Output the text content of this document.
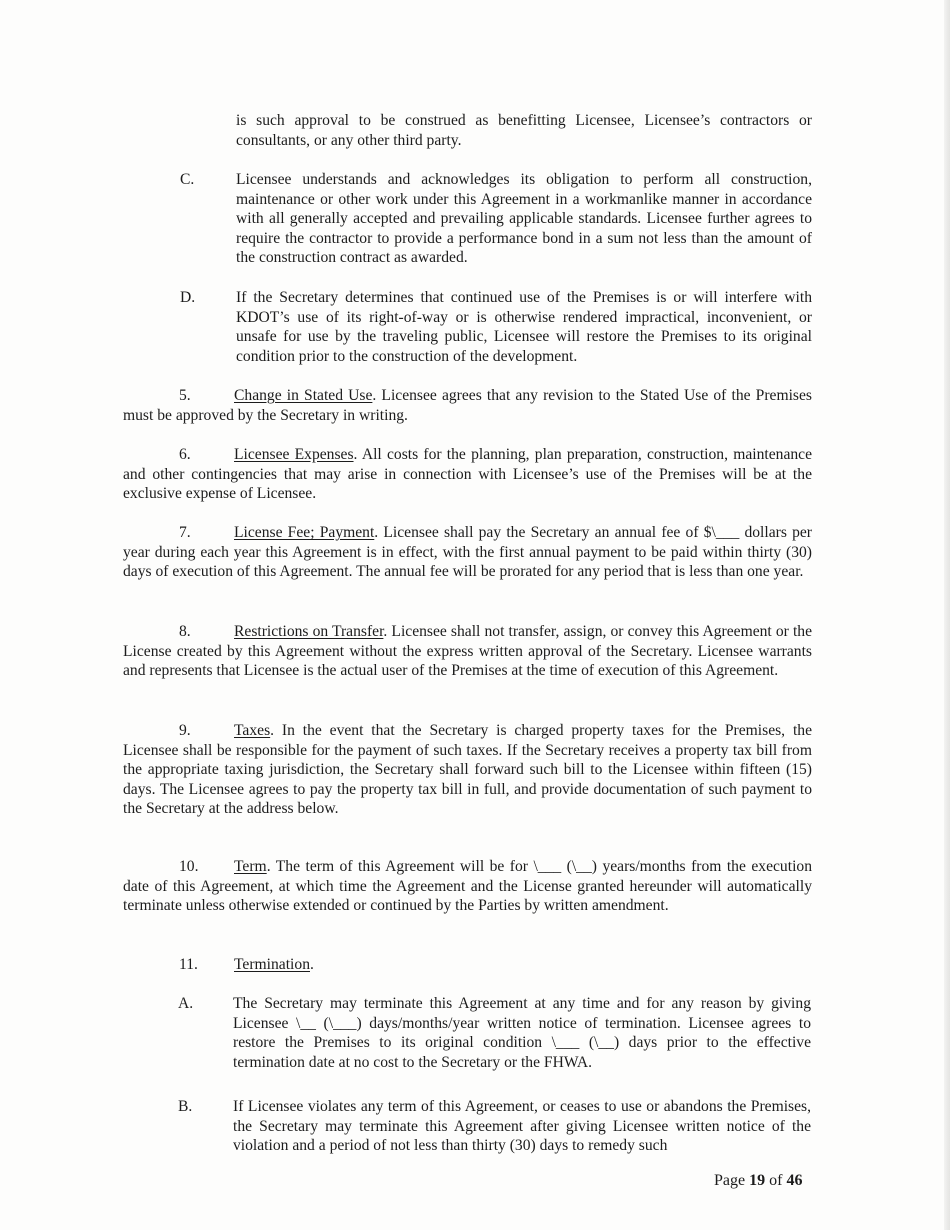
is such approval to be construed as benefitting Licensee, Licensee’s contractors or consultants, or any other third party.
C.	Licensee understands and acknowledges its obligation to perform all construction, maintenance or other work under this Agreement in a workmanlike manner in accordance with all generally accepted and prevailing applicable standards. Licensee further agrees to require the contractor to provide a performance bond in a sum not less than the amount of the construction contract as awarded.
D.	If the Secretary determines that continued use of the Premises is or will interfere with KDOT’s use of its right-of-way or is otherwise rendered impractical, inconvenient, or unsafe for use by the traveling public, Licensee will restore the Premises to its original condition prior to the construction of the development.
5.	Change in Stated Use. Licensee agrees that any revision to the Stated Use of the Premises must be approved by the Secretary in writing.
6.	Licensee Expenses. All costs for the planning, plan preparation, construction, maintenance and other contingencies that may arise in connection with Licensee’s use of the Premises will be at the exclusive expense of Licensee.
7.	License Fee; Payment. Licensee shall pay the Secretary an annual fee of $\___ dollars per year during each year this Agreement is in effect, with the first annual payment to be paid within thirty (30) days of execution of this Agreement. The annual fee will be prorated for any period that is less than one year.
8.	Restrictions on Transfer. Licensee shall not transfer, assign, or convey this Agreement or the License created by this Agreement without the express written approval of the Secretary. Licensee warrants and represents that Licensee is the actual user of the Premises at the time of execution of this Agreement.
9.	Taxes. In the event that the Secretary is charged property taxes for the Premises, the Licensee shall be responsible for the payment of such taxes. If the Secretary receives a property tax bill from the appropriate taxing jurisdiction, the Secretary shall forward such bill to the Licensee within fifteen (15) days. The Licensee agrees to pay the property tax bill in full, and provide documentation of such payment to the Secretary at the address below.
10. Term. The term of this Agreement will be for \___ (\__) years/months from the execution date of this Agreement, at which time the Agreement and the License granted hereunder will automatically terminate unless otherwise extended or continued by the Parties by written amendment.
11. Termination.
A.	The Secretary may terminate this Agreement at any time and for any reason by giving Licensee \__ (\___) days/months/year written notice of termination. Licensee agrees to restore the Premises to its original condition \___ (\__) days prior to the effective termination date at no cost to the Secretary or the FHWA.
B.	If Licensee violates any term of this Agreement, or ceases to use or abandons the Premises, the Secretary may terminate this Agreement after giving Licensee written notice of the violation and a period of not less than thirty (30) days to remedy such
Page 19 of 46
